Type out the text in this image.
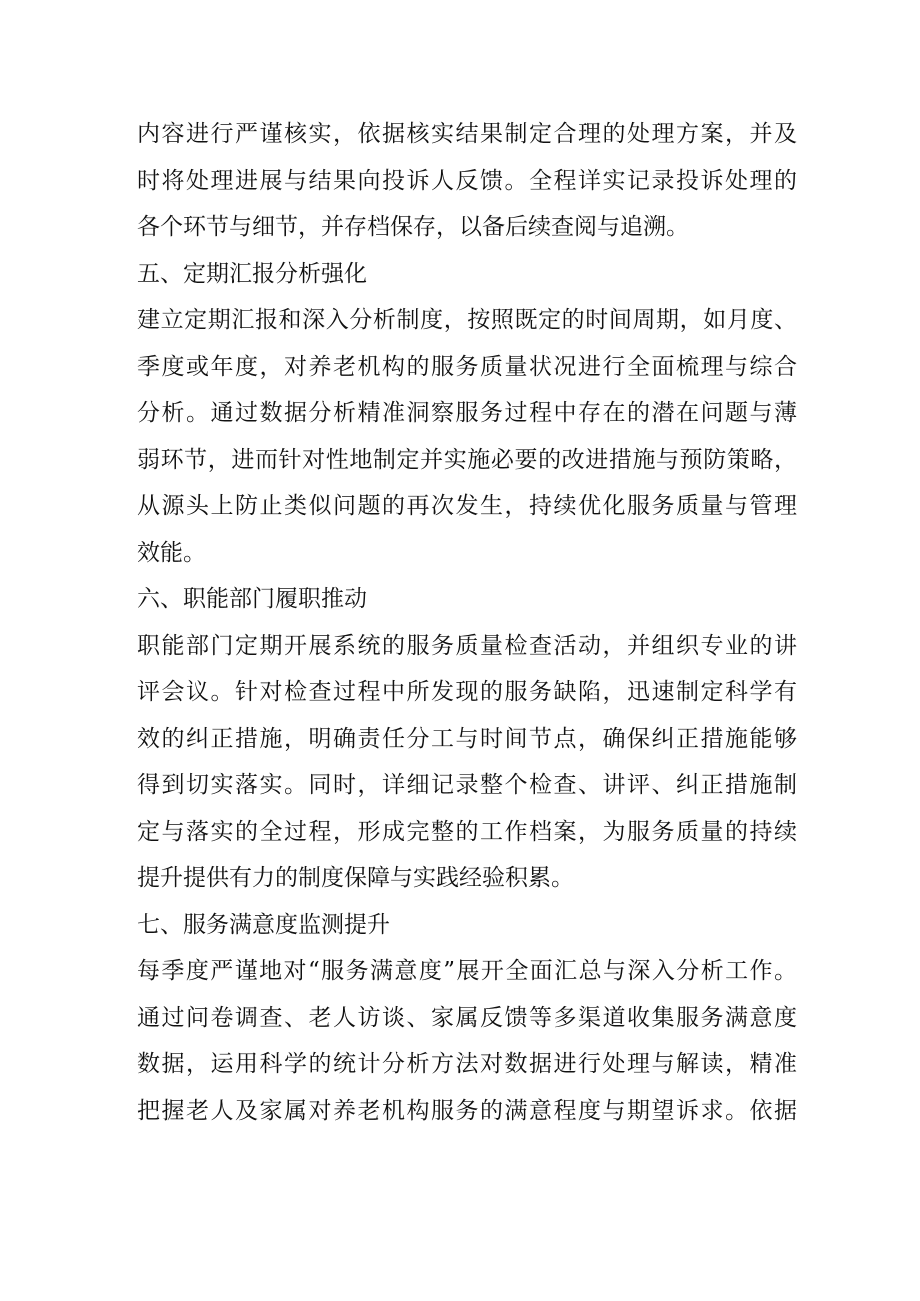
内容进行严谨核实，依据核实结果制定合理的处理方案，并及
时将处理进展与结果向投诉人反馈。全程详实记录投诉处理的
各个环节与细节，并存档保存，以备后续查阅与追溯。
五、定期汇报分析强化
建立定期汇报和深入分析制度，按照既定的时间周期，如月度、
季度或年度，对养老机构的服务质量状况进行全面梳理与综合
分析。通过数据分析精准洞察服务过程中存在的潜在问题与薄
弱环节，进而针对性地制定并实施必要的改进措施与预防策略，
从源头上防止类似问题的再次发生，持续优化服务质量与管理
效能。
六、职能部门履职推动
职能部门定期开展系统的服务质量检查活动，并组织专业的讲
评会议。针对检查过程中所发现的服务缺陷，迅速制定科学有
效的纠正措施，明确责任分工与时间节点，确保纠正措施能够
得到切实落实。同时，详细记录整个检查、讲评、纠正措施制
定与落实的全过程，形成完整的工作档案，为服务质量的持续
提升提供有力的制度保障与实践经验积累。
七、服务满意度监测提升
每季度严谨地对“服务满意度”展开全面汇总与深入分析工作。
通过问卷调查、老人访谈、家属反馈等多渠道收集服务满意度
数据，运用科学的统计分析方法对数据进行处理与解读，精准
把握老人及家属对养老机构服务的满意程度与期望诉求。依据
